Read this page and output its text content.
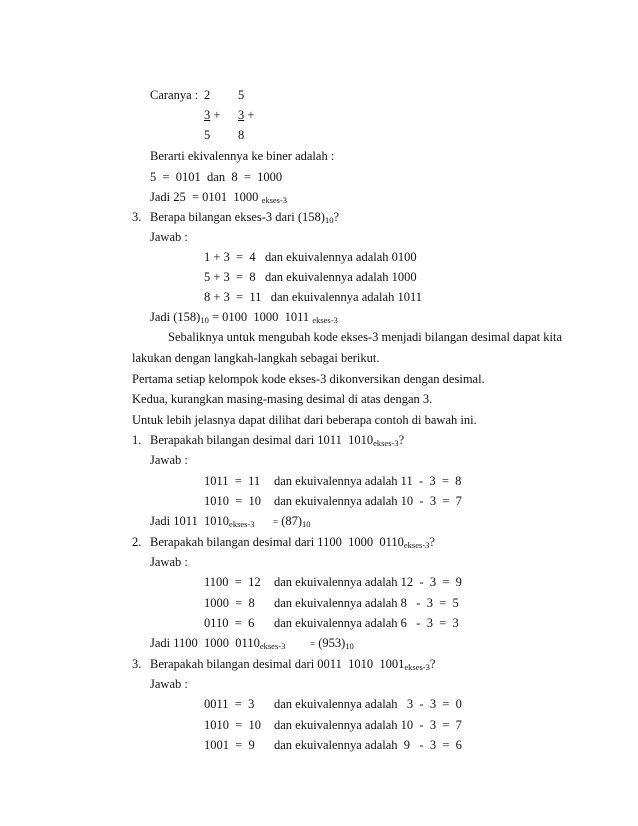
Caranya : 2 5
3 + 3 +
5 8
Berarti ekivalennya ke biner adalah :
5  =  0101  dan  8  =  1000
Jadi 25  = 0101  1000 $_{ekses-3}$
3. Berapa bilangan ekses-3 dari $(158)_{10}$?
Jawab :
1 + 3  =  4   dan ekuivalennya adalah 0100
5 + 3  =  8   dan ekuivalennya adalah 1000
8 + 3  =  11   dan ekuivalennya adalah 1011
Jadi $(158)_{10} = 0100$  1000  1011 $_{ekses-3}$
Sebaliknya untuk mengubah kode ekses-3 menjadi bilangan desimal dapat kita
lakukan dengan langkah-langkah sebagai berikut.
Pertama setiap kelompok kode ekses-3 dikonversikan dengan desimal.
Kedua, kurangkan masing-masing desimal di atas dengan 3.
Untuk lebih jelasnya dapat dilihat dari beberapa contoh di bawah ini.
1. Berapakah bilangan desimal dari 1011  $1010_{ekses-3}$?
Jawab :
1011  =  11 dan ekuivalennya adalah 11  -  3  =  8
1010  =  10 dan ekuivalennya adalah 10  -  3  =  7
Jadi 1011  $1010_{ekses-3} = (87)_{10}$
2. Berapakah bilangan desimal dari 1100  1000  $0110_{ekses-3}$?
Jawab :
1100  =  12 dan ekuivalennya adalah 12  -  3  =  9
1000  =  8 dan ekuivalennya adalah 8   -  3  =  5
0110  =  6 dan ekuivalennya adalah 6   -  3  =  3
Jadi 1100  1000  $0110_{ekses-3}$	= $(953)_{10}$
3. Berapakah bilangan desimal dari 0011  1010  $1001_{ekses-3}$?
Jawab :
0011  =  3 dan ekuivalennya adalah   3  -  3  =  0
1010  =  10 dan ekuivalennya adalah 10  -  3  =  7
1001  =  9 dan ekuivalennya adalah  9   -  3  =  6
